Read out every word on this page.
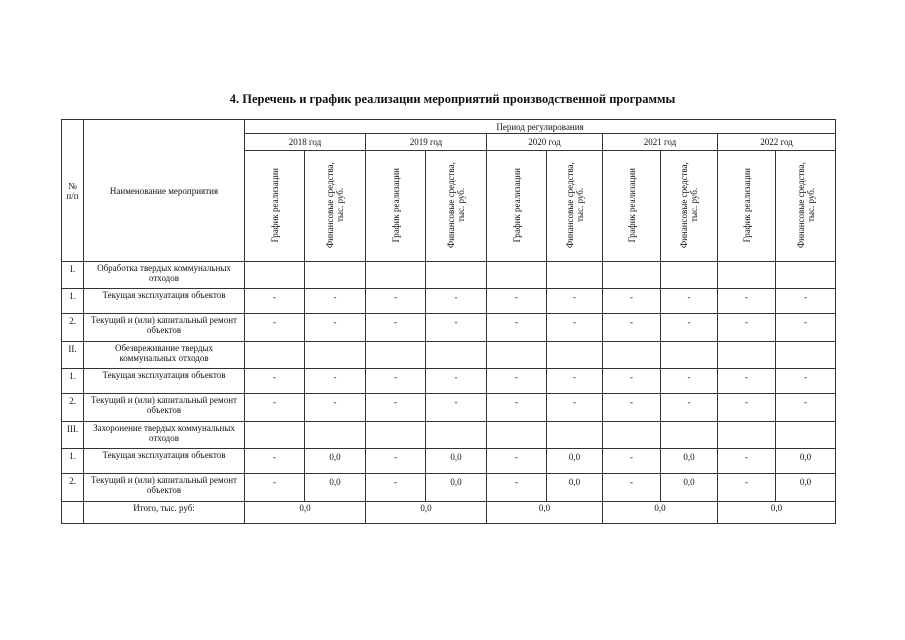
4. Перечень и график реализации мероприятий производственной программы
№ п/п	Наименование мероприятия	Период регулирования									
		2018 год		2019 год		2020 год		2021 год		2022 год	
		График реализации	Финансовые средства, тыс. руб.	График реализации	Финансовые средства, тыс. руб.	График реализации	Финансовые средства, тыс. руб.	График реализации	Финансовые средства, тыс. руб.	График реализации	Финансовые средства, тыс. руб.
I.	Обработка твердых коммунальных отходов										
1.	Текущая эксплуатация объектов	-	-	-	-	-	-	-	-	-	-
2.	Текущий и (или) капитальный ремонт объектов	-	-	-	-	-	-	-	-	-	-
II.	Обезвреживание твердых коммунальных отходов										
1.	Текущая эксплуатация объектов	-	-	-	-	-	-	-	-	-	-
2.	Текущий и (или) капитальный ремонт объектов	-	-	-	-	-	-	-	-	-	-
III.	Захоронение твердых коммунальных отходов										
1.	Текущая эксплуатация объектов	-	0,0	-	0,0	-	0,0	-	0,0	-	0,0
2.	Текущий и (или) капитальный ремонт объектов	-	0,0	-	0,0	-	0,0	-	0,0	-	0,0
	Итого, тыс. руб:	0,0		0,0		0,0		0,0		0,0	
